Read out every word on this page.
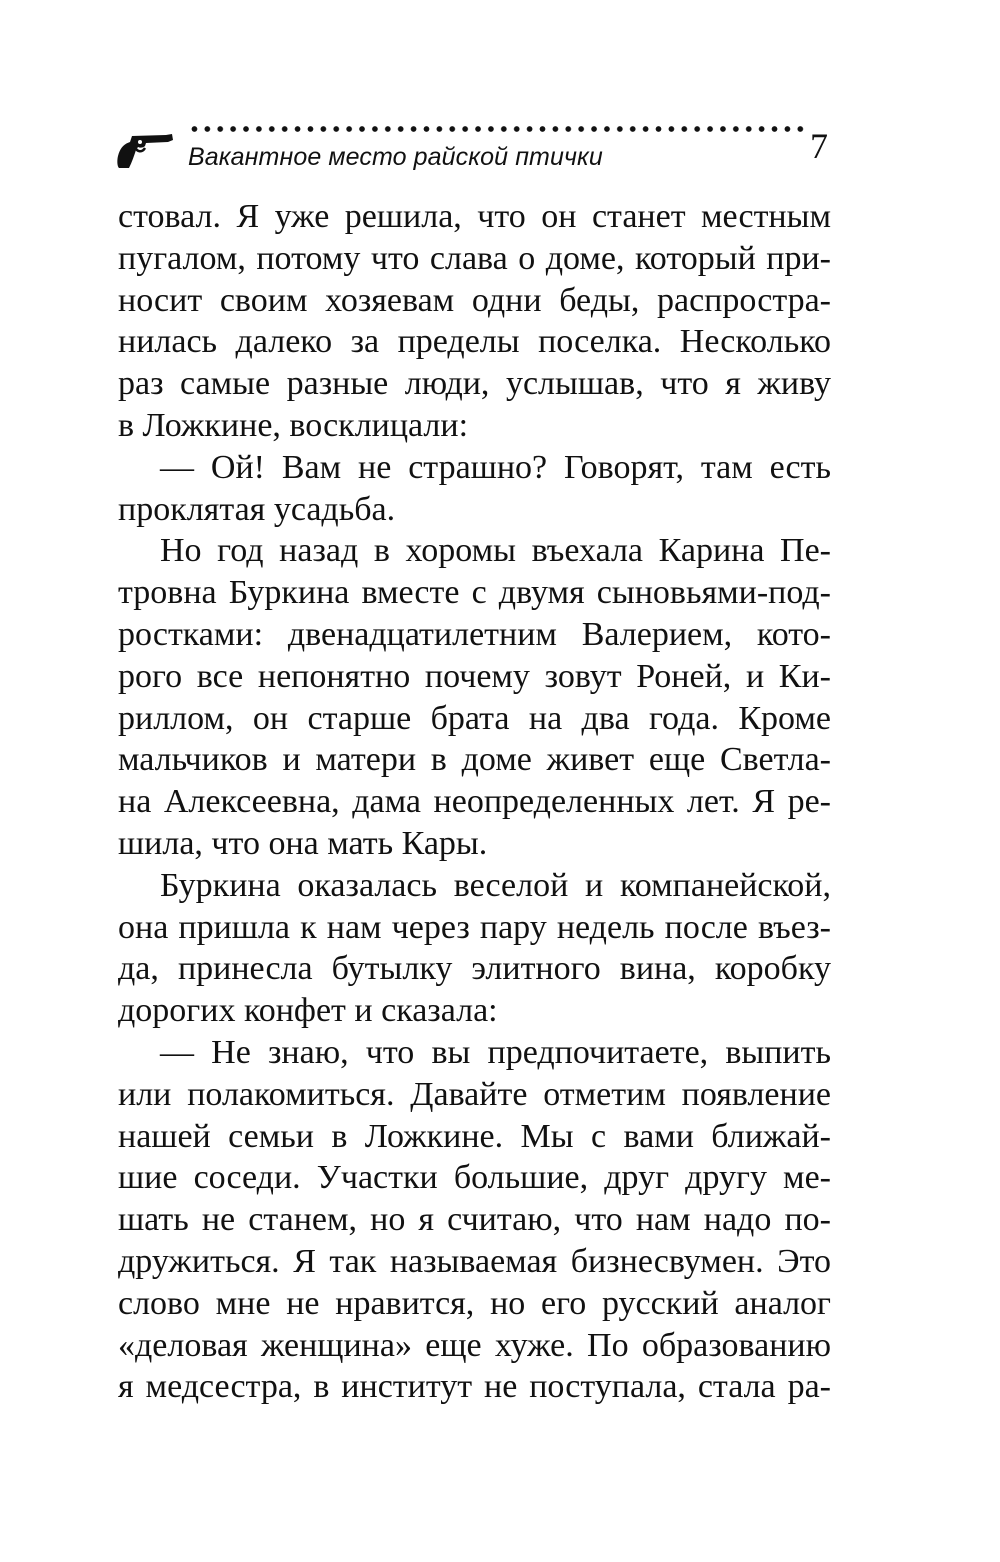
Вакантное место райской птички	7
стовал. Я уже решила, что он станет местным
пугалом, потому что слава о доме, который при-
носит своим хозяевам одни беды, распростра-
нилась далеко за пределы поселка. Несколько
раз самые разные люди, услышав, что я живу
в Ложкине, восклицали:
— Ой! Вам не страшно? Говорят, там есть
проклятая усадьба.
Но год назад в хоромы въехала Карина Пе-
тровна Буркина вместе с двумя сыновьями-под-
ростками: двенадцатилетним Валерием, кото-
рого все непонятно почему зовут Роней, и Ки-
риллом, он старше брата на два года. Кроме
мальчиков и матери в доме живет еще Светла-
на Алексеевна, дама неопределенных лет. Я ре-
шила, что она мать Кары.
Буркина оказалась веселой и компанейской,
она пришла к нам через пару недель после въез-
да, принесла бутылку элитного вина, коробку
дорогих конфет и сказала:
— Не знаю, что вы предпочитаете, выпить
или полакомиться. Давайте отметим появление
нашей семьи в Ложкине. Мы с вами ближай-
шие соседи. Участки большие, друг другу ме-
шать не станем, но я считаю, что нам надо по-
дружиться. Я так называемая бизнесвумен. Это
слово мне не нравится, но его русский аналог
«деловая женщина» еще хуже. По образованию
я медсестра, в институт не поступала, стала ра-
